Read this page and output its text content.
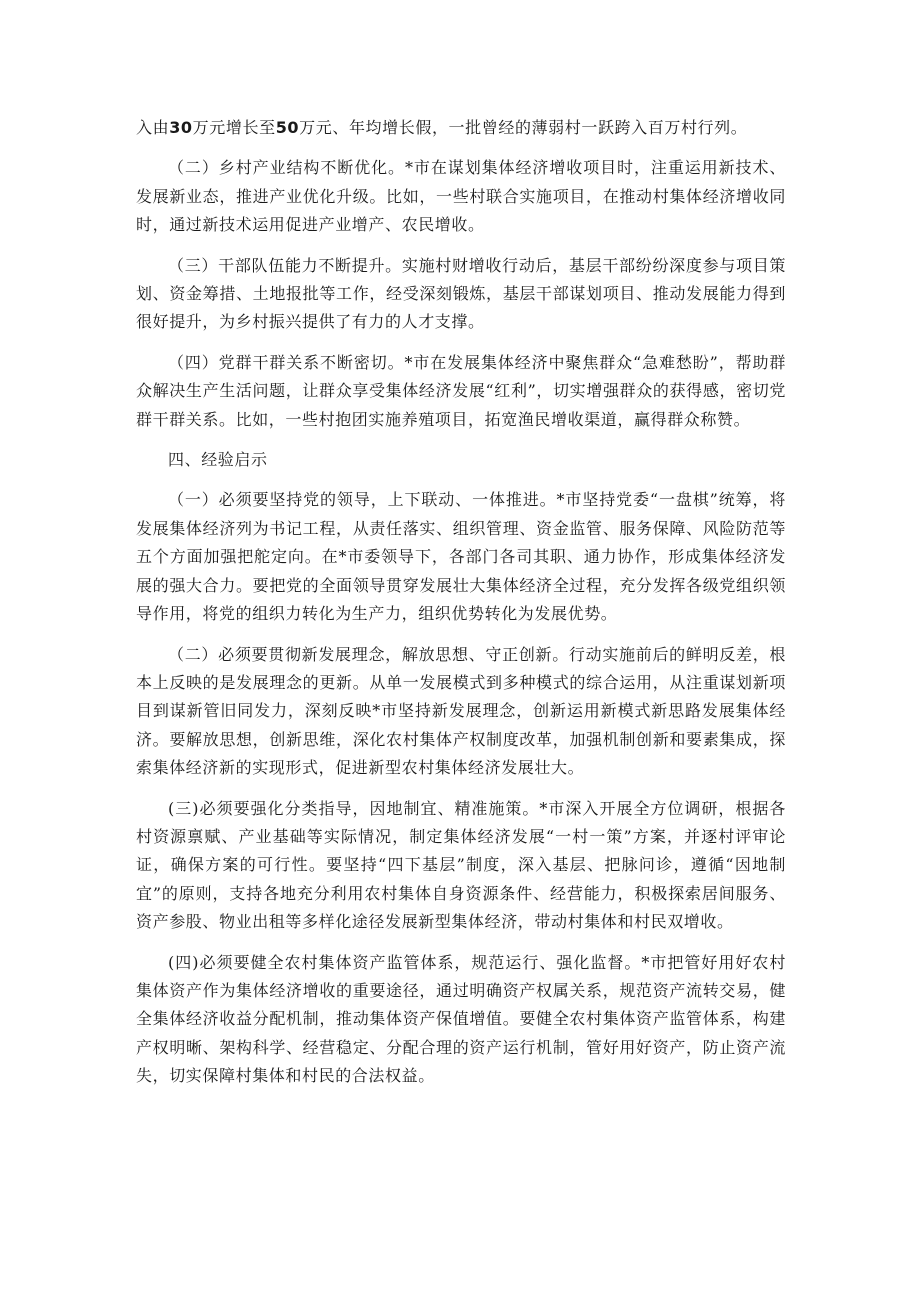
入由30万元增长至50万元、年均增长假，一批曾经的薄弱村一跃跨入百万村行列。

（二）乡村产业结构不断优化。*市在谋划集体经济增收项目时，注重运用新技术、发展新业态，推进产业优化升级。比如，一些村联合实施项目，在推动村集体经济增收同时，通过新技术运用促进产业增产、农民增收。

（三）干部队伍能力不断提升。实施村财增收行动后，基层干部纷纷深度参与项目策划、资金筹措、土地报批等工作，经受深刻锻炼，基层干部谋划项目、推动发展能力得到很好提升，为乡村振兴提供了有力的人才支撑。

（四）党群干群关系不断密切。*市在发展集体经济中聚焦群众“急难愁盼”，帮助群众解决生产生活问题，让群众享受集体经济发展“红利”，切实增强群众的获得感，密切党群干群关系。比如，一些村抱团实施养殖项目，拓宽渔民增收渠道，赢得群众称赞。

四、经验启示

（一）必须要坚持党的领导，上下联动、一体推进。*市坚持党委“一盘棋”统筹，将发展集体经济列为书记工程，从责任落实、组织管理、资金监管、服务保障、风险防范等五个方面加强把舵定向。在*市委领导下，各部门各司其职、通力协作，形成集体经济发展的强大合力。要把党的全面领导贯穿发展壮大集体经济全过程，充分发挥各级党组织领导作用，将党的组织力转化为生产力，组织优势转化为发展优势。

（二）必须要贯彻新发展理念，解放思想、守正创新。行动实施前后的鲜明反差，根本上反映的是发展理念的更新。从单一发展模式到多种模式的综合运用，从注重谋划新项目到谋新管旧同发力，深刻反映*市坚持新发展理念，创新运用新模式新思路发展集体经济。要解放思想，创新思维，深化农村集体产权制度改革，加强机制创新和要素集成，探索集体经济新的实现形式，促进新型农村集体经济发展壮大。

(三)必须要强化分类指导，因地制宜、精准施策。*市深入开展全方位调研，根据各村资源禀赋、产业基础等实际情况，制定集体经济发展“一村一策”方案，并逐村评审论证，确保方案的可行性。要坚持“四下基层”制度，深入基层、把脉问诊，遵循“因地制宜”的原则，支持各地充分利用农村集体自身资源条件、经营能力，积极探索居间服务、资产参股、物业出租等多样化途径发展新型集体经济，带动村集体和村民双增收。

(四)必须要健全农村集体资产监管体系，规范运行、强化监督。*市把管好用好农村集体资产作为集体经济增收的重要途径，通过明确资产权属关系，规范资产流转交易，健全集体经济收益分配机制，推动集体资产保值增值。要健全农村集体资产监管体系，构建产权明晰、架构科学、经营稳定、分配合理的资产运行机制，管好用好资产，防止资产流失，切实保障村集体和村民的合法权益。
